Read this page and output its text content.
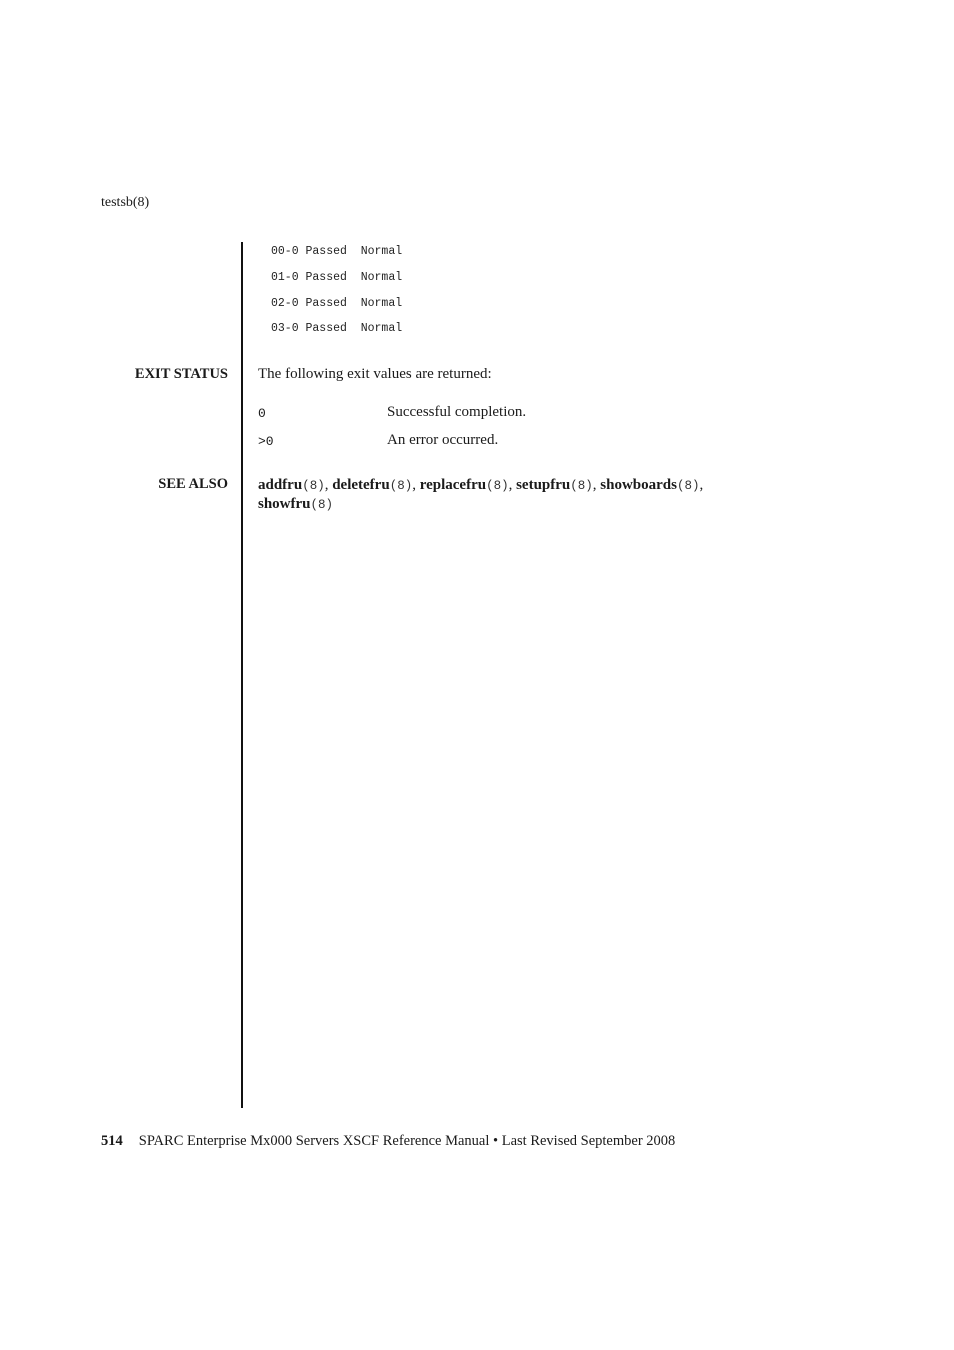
testsb(8)
00-0 Passed  Normal
01-0 Passed  Normal
02-0 Passed  Normal
03-0 Passed  Normal
EXIT STATUS The following exit values are returned:
0	Successful completion.
>0	An error occurred.
SEE ALSO addfru(8), deletefru(8), replacefru(8), setupfru(8), showboards(8),
showfru(8)
514 SPARC Enterprise Mx000 Servers XSCF Reference Manual • Last Revised September 2008
